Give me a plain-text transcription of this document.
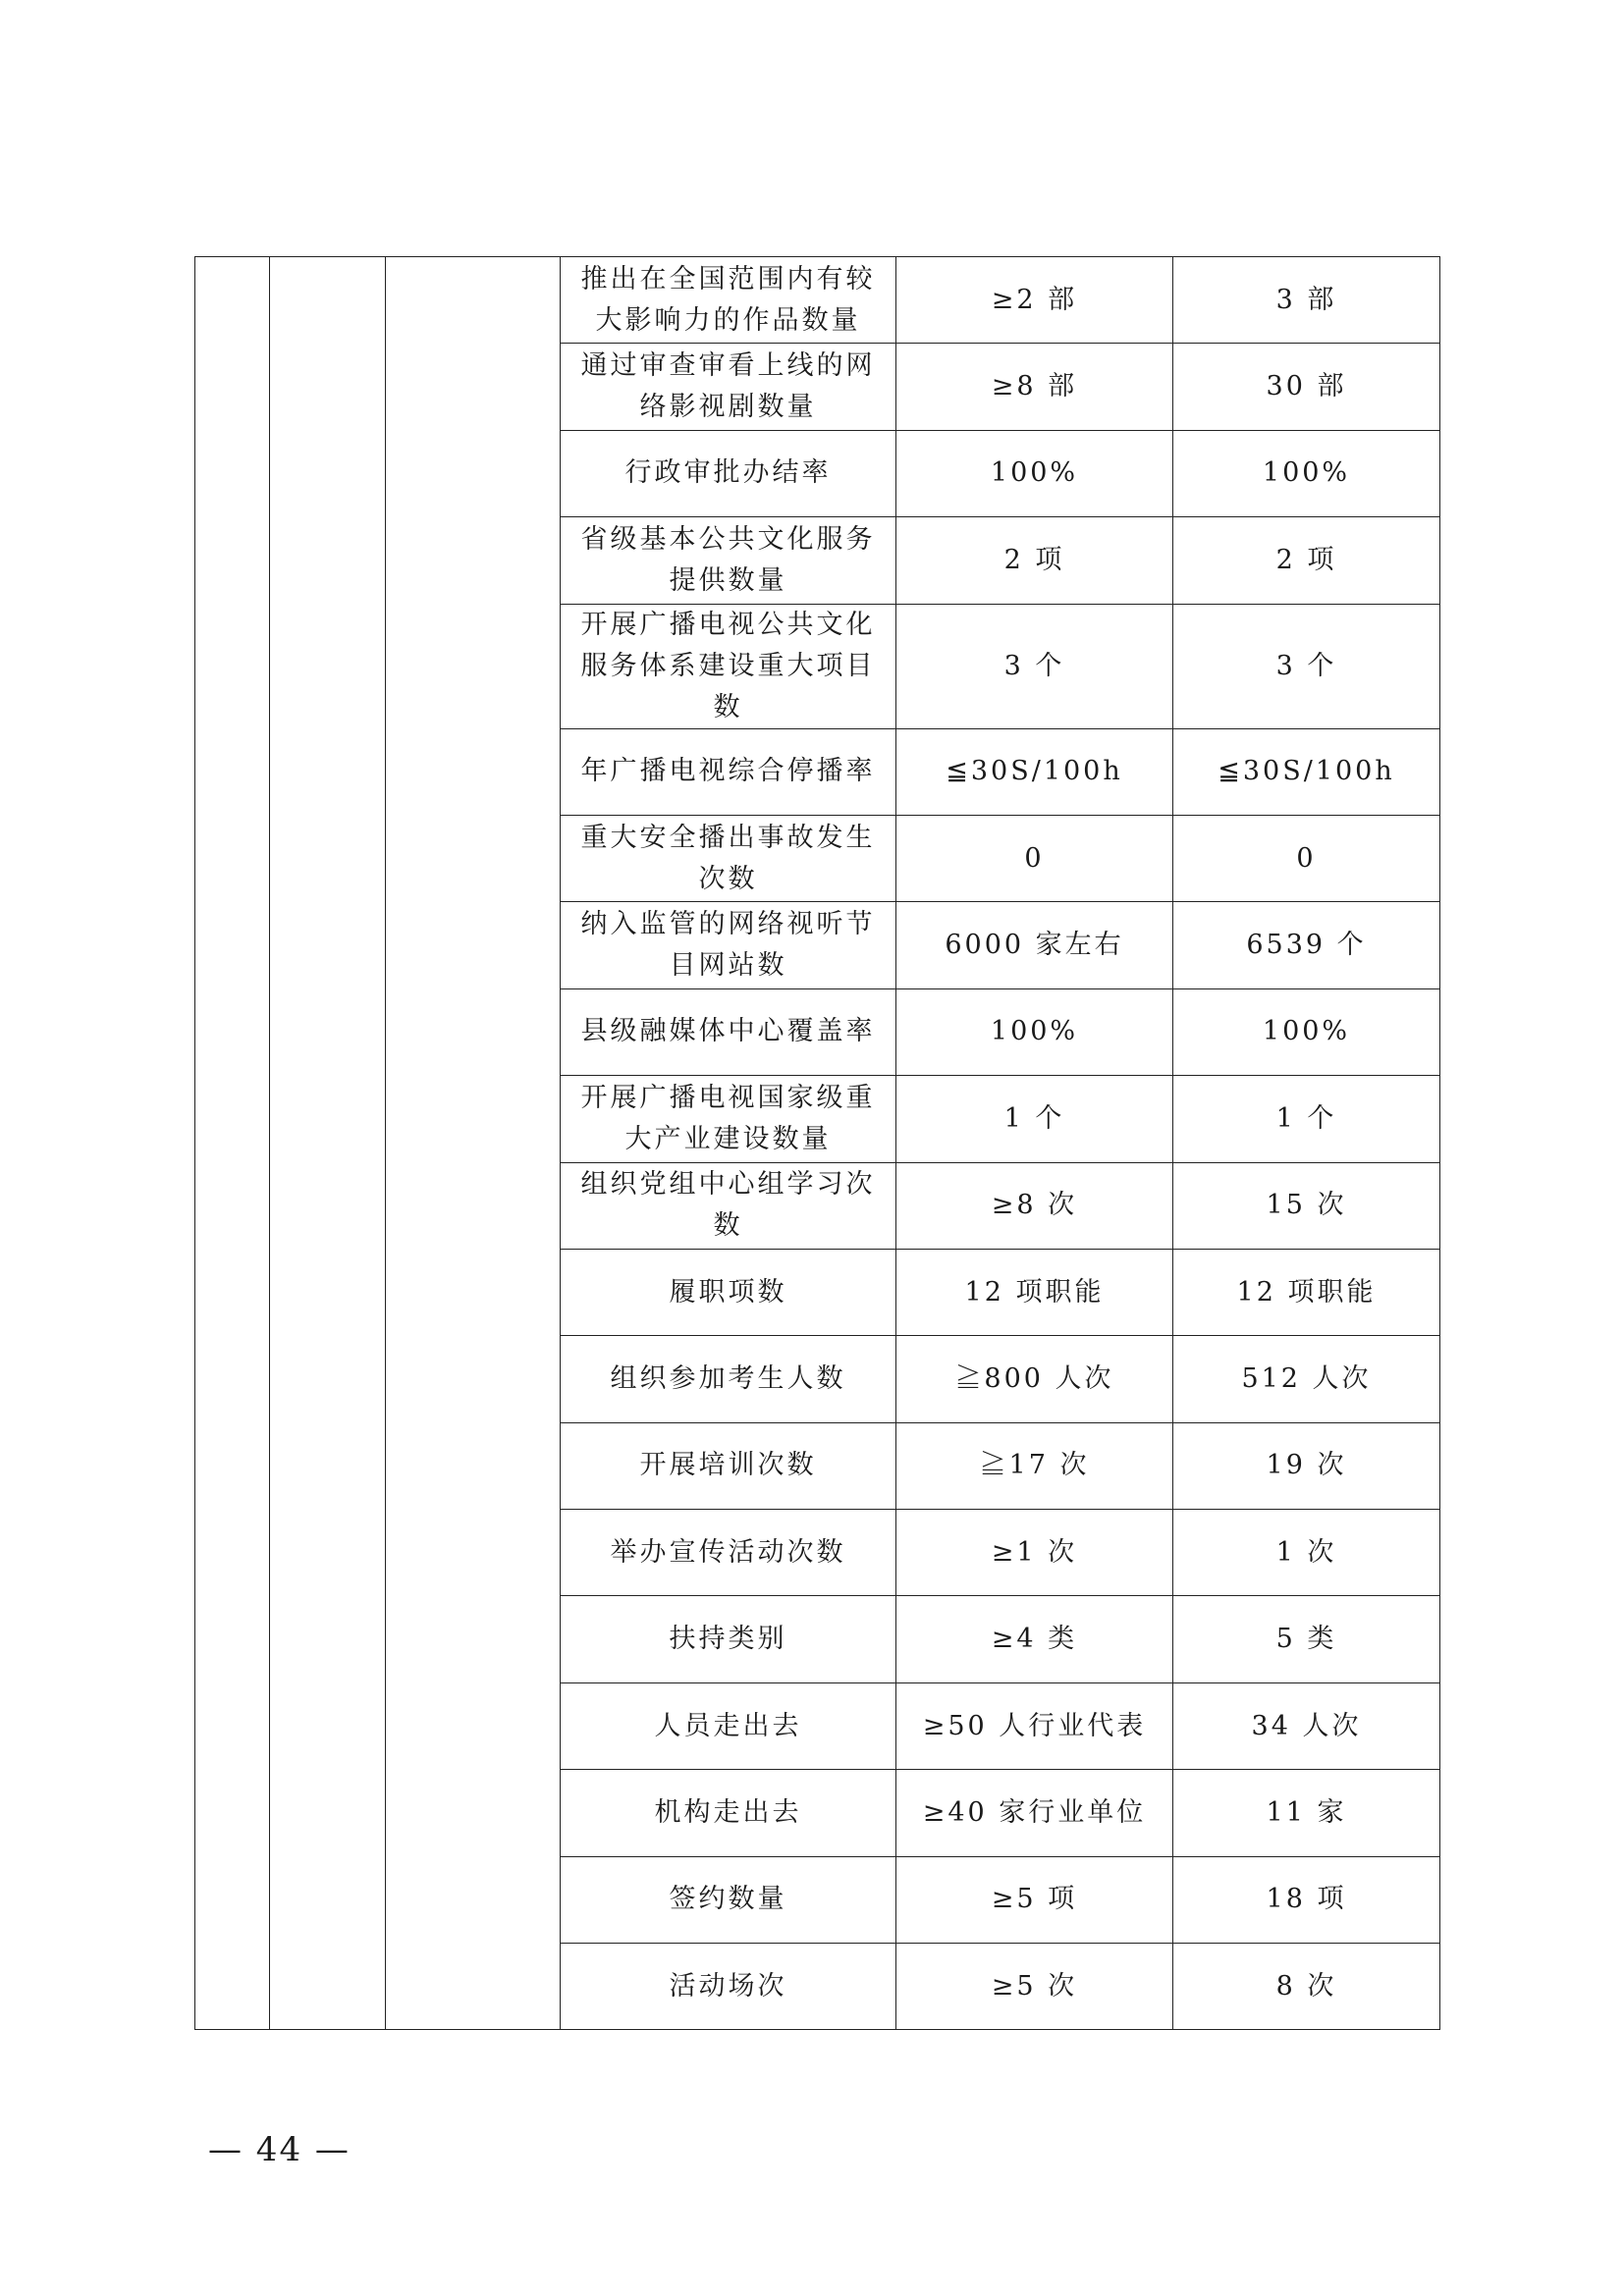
			推出在全国范围内有较大影响力的作品数量	≥2 部	3 部
			通过审查审看上线的网络影视剧数量	≥8 部	30 部
			行政审批办结率	100%	100%
			省级基本公共文化服务提供数量	2 项	2 项
			开展广播电视公共文化服务体系建设重大项目数	3 个	3 个
			年广播电视综合停播率	≦30S/100h	≦30S/100h
			重大安全播出事故发生次数	0	0
			纳入监管的网络视听节目网站数	6000 家左右	6539 个
			县级融媒体中心覆盖率	100%	100%
			开展广播电视国家级重大产业建设数量	1 个	1 个
			组织党组中心组学习次数	≥8 次	15 次
			履职项数	12 项职能	12 项职能
			组织参加考生人数	≧800 人次	512 人次
			开展培训次数	≧17 次	19 次
			举办宣传活动次数	≥1 次	1 次
			扶持类别	≥4 类	5 类
			人员走出去	≥50 人行业代表	34 人次
			机构走出去	≥40 家行业单位	11 家
			签约数量	≥5 项	18 项
			活动场次	≥5 次	8 次
— 44 —
